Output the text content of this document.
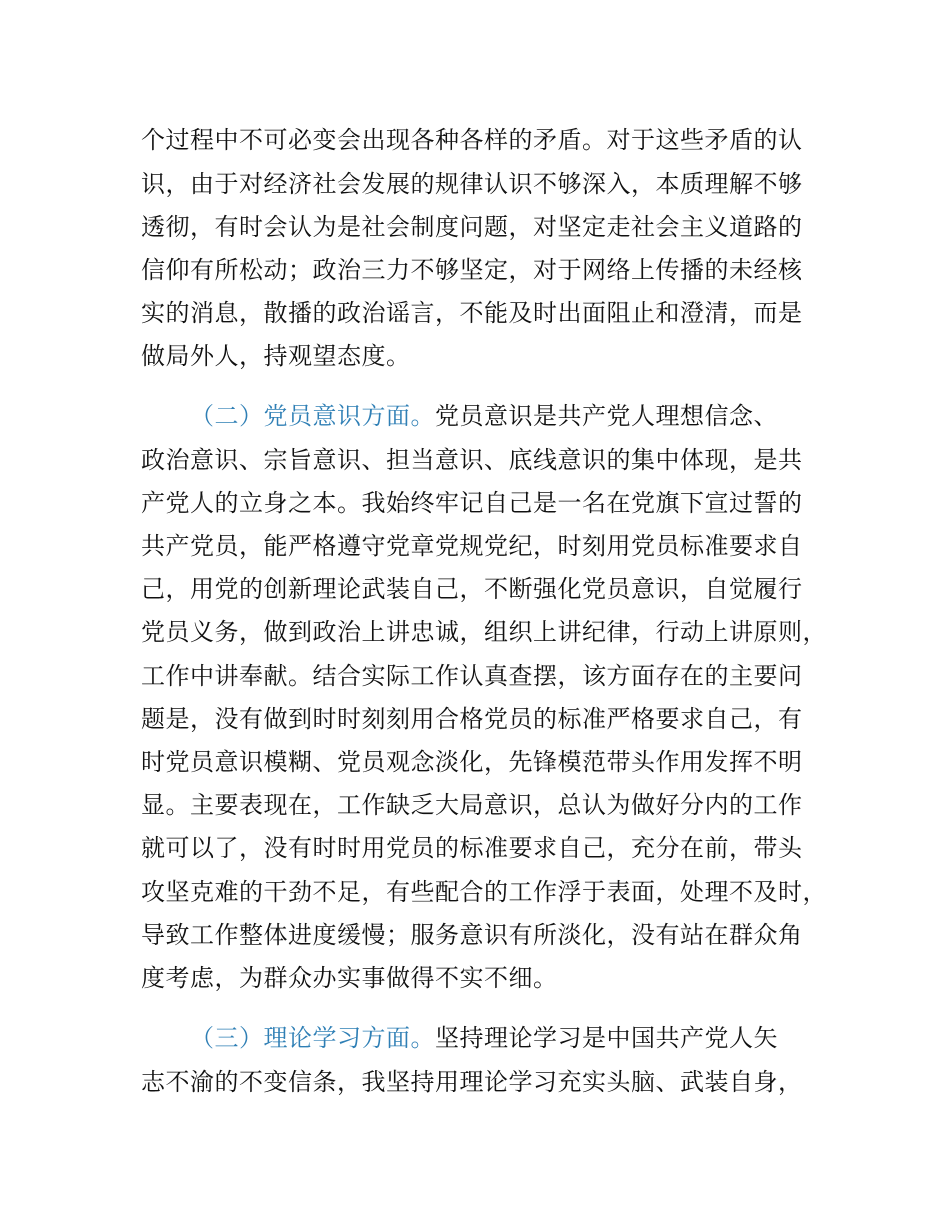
个过程中不可必变会出现各种各样的矛盾。对于这些矛盾的认
识，由于对经济社会发展的规律认识不够深入，本质理解不够
透彻，有时会认为是社会制度问题，对坚定走社会主义道路的
信仰有所松动；政治三力不够坚定，对于网络上传播的未经核
实的消息，散播的政治谣言，不能及时出面阻止和澄清，而是
做局外人，持观望态度。
（二）党员意识方面。党员意识是共产党人理想信念、
政治意识、宗旨意识、担当意识、底线意识的集中体现，是共
产党人的立身之本。我始终牢记自己是一名在党旗下宣过誓的
共产党员，能严格遵守党章党规党纪，时刻用党员标准要求自
己，用党的创新理论武装自己，不断强化党员意识，自觉履行
党员义务，做到政治上讲忠诚，组织上讲纪律，行动上讲原则，
工作中讲奉献。结合实际工作认真查摆，该方面存在的主要问
题是，没有做到时时刻刻用合格党员的标准严格要求自己，有
时党员意识模糊、党员观念淡化，先锋模范带头作用发挥不明
显。主要表现在，工作缺乏大局意识，总认为做好分内的工作
就可以了，没有时时用党员的标准要求自己，充分在前，带头
攻坚克难的干劲不足，有些配合的工作浮于表面，处理不及时，
导致工作整体进度缓慢；服务意识有所淡化，没有站在群众角
度考虑，为群众办实事做得不实不细。
（三）理论学习方面。坚持理论学习是中国共产党人矢
志不渝的不变信条，我坚持用理论学习充实头脑、武装自身，
